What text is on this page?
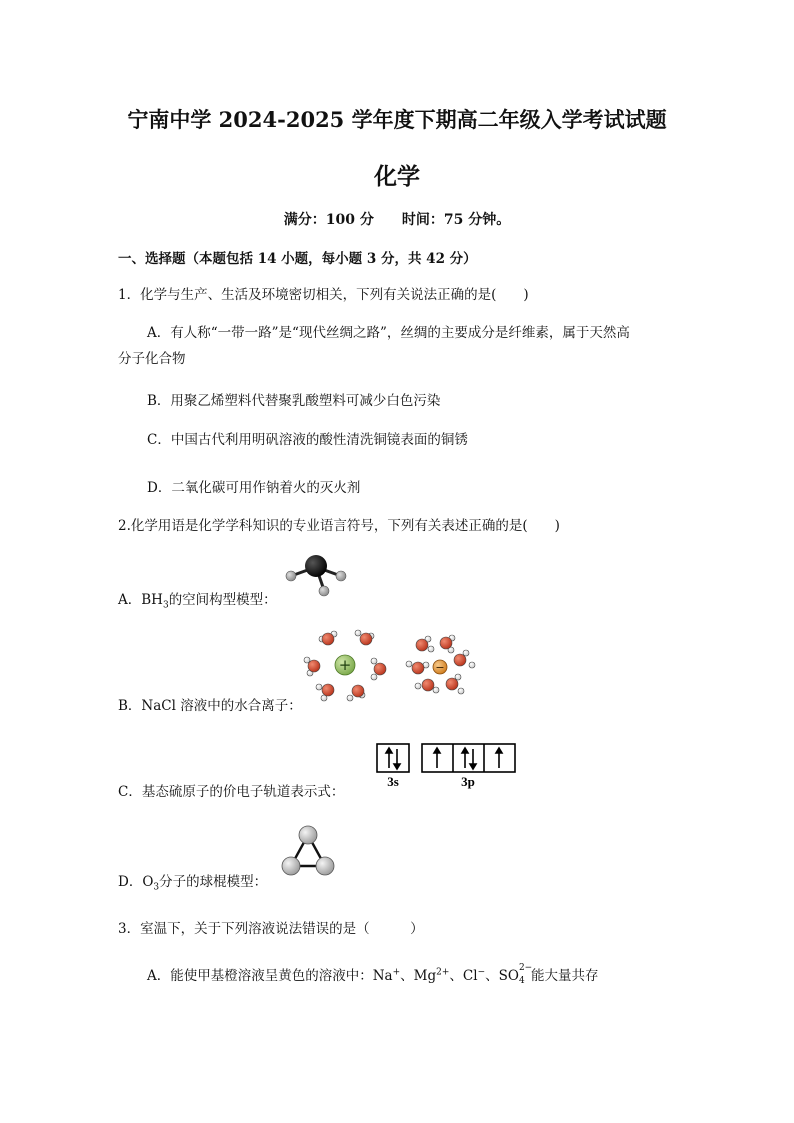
宁南中学 2024-2025 学年度下期高二年级入学考试试题
化学
满分：100 分 时间：75 分钟。
一、选择题（本题包括 14 小题，每小题 3 分，共 42 分）
1．化学与生产、生活及环境密切相关，下列有关说法正确的是(　　)
A．有人称“一带一路”是“现代丝绸之路”，丝绸的主要成分是纤维素，属于天然高
分子化合物
B．用聚乙烯塑料代替聚乳酸塑料可减少白色污染
C．中国古代利用明矾溶液的酸性清洗铜镜表面的铜锈
D．二氧化碳可用作钠着火的灭火剂
2.化学用语是化学学科知识的专业语言符号，下列有关表述正确的是(　　)
A．$BH_3$的空间构型模型：
B．NaCl 溶液中的水合离子：
+	−
C．基态硫原子的价电子轨道表示式：
3s	3p
D．$O_3$分子的球棍模型：
3．室温下，关于下列溶液说法错误的是（　　　）
A．能使甲基橙溶液呈黄色的溶液中：Na+、$Mg^{2+}$、Cl−、SO 2−
4 能大量共存
